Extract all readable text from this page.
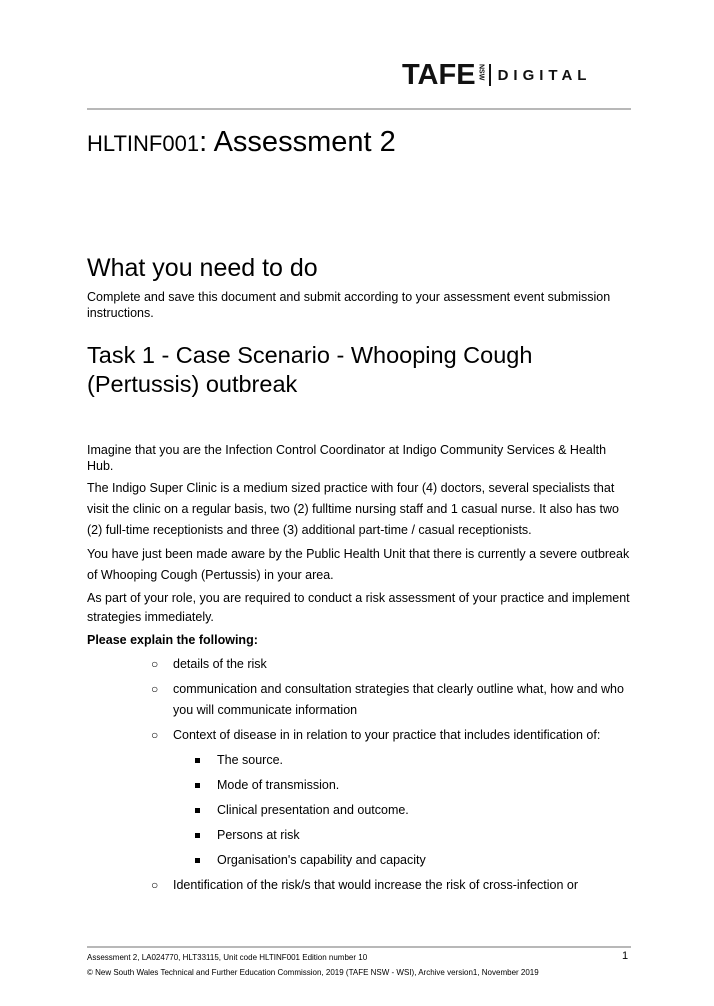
TAFE NSW DIGITAL
HLTINF001: Assessment 2
What you need to do
Complete and save this document and submit according to your assessment event submission instructions.
Task 1 - Case Scenario - Whooping Cough (Pertussis) outbreak

Imagine that you are the Infection Control Coordinator at Indigo Community Services & Health Hub.

The Indigo Super Clinic is a medium sized practice with four (4) doctors, several specialists that visit the clinic on a regular basis, two (2) fulltime nursing staff and 1 casual nurse. It also has two (2) full-time receptionists and three (3) additional part-time / casual receptionists.

You have just been made aware by the Public Health Unit that there is currently a severe outbreak of Whooping Cough (Pertussis) in your area.

As part of your role, you are required to conduct a risk assessment of your practice and implement strategies immediately.

Please explain the following:

○ details of the risk
○ communication and consultation strategies that clearly outline what, how and who you will communicate information
○ Context of disease in in relation to your practice that includes identification of:
The source.
Mode of transmission.
Clinical presentation and outcome.
Persons at risk
Organisation's capability and capacity
○ Identification of the risk/s that would increase the risk of cross-infection or
Assessment 2, LA024770, HLT33115, Unit code HLTINF001 Edition number 10	1
© New South Wales Technical and Further Education Commission, 2019 (TAFE NSW - WSI), Archive version1, November 2019
